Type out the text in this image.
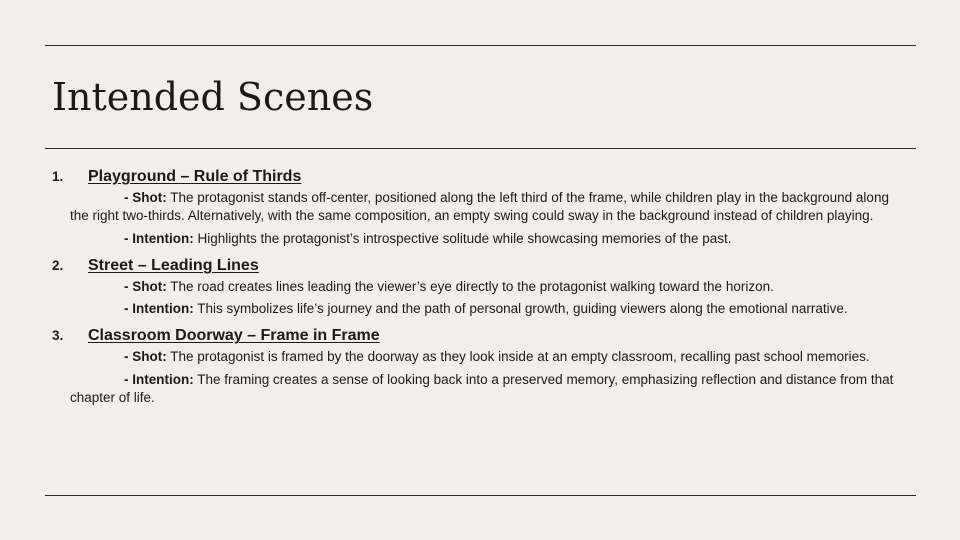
Intended Scenes
1.	Playground – Rule of Thirds

- Shot: The protagonist stands off-center, positioned along the left third of the frame, while children play in the background along the right two-thirds. Alternatively, with the same composition, an empty swing could sway in the background instead of children playing.

- Intention: Highlights the protagonist’s introspective solitude while showcasing memories of the past.

2.	Street – Leading Lines

- Shot: The road creates lines leading the viewer’s eye directly to the protagonist walking toward the horizon.

- Intention: This symbolizes life’s journey and the path of personal growth, guiding viewers along the emotional narrative.

3.	Classroom Doorway – Frame in Frame

- Shot: The protagonist is framed by the doorway as they look inside at an empty classroom, recalling past school memories.

- Intention: The framing creates a sense of looking back into a preserved memory, emphasizing reflection and distance from that chapter of life.
